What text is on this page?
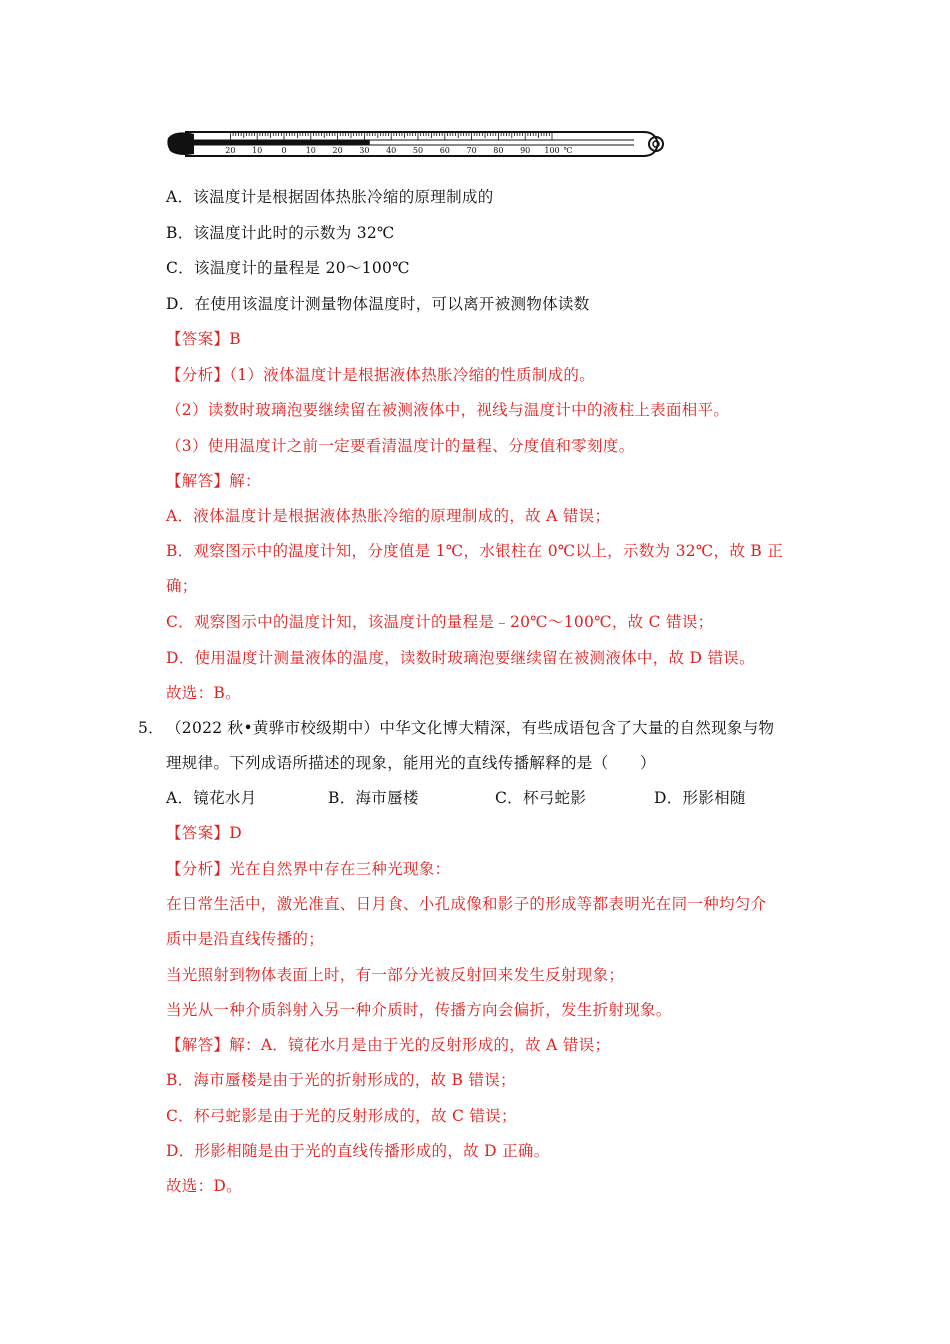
20 10 0 10 20 30 40 50 60 70 80 90 100 ℃
A．该温度计是根据固体热胀冷缩的原理制成的
B．该温度计此时的示数为 32℃
C．该温度计的量程是 20～100℃
D．在使用该温度计测量物体温度时，可以离开被测物体读数
【答案】B
【分析】（1）液体温度计是根据液体热胀冷缩的性质制成的。
（2）读数时玻璃泡要继续留在被测液体中，视线与温度计中的液柱上表面相平。
（3）使用温度计之前一定要看清温度计的量程、分度值和零刻度。
【解答】解：
A．液体温度计是根据液体热胀冷缩的原理制成的，故 A 错误；
B．观察图示中的温度计知，分度值是 1℃，水银柱在 0℃以上，示数为 32℃，故 B 正
确；
C．观察图示中的温度计知，该温度计的量程是﹣20℃～100℃，故 C 错误；
D．使用温度计测量液体的温度，读数时玻璃泡要继续留在被测液体中，故 D 错误。
故选：B。
5． （2022 秋•黄骅市校级期中）中华文化博大精深，有些成语包含了大量的自然现象与物
理规律。下列成语所描述的现象，能用光的直线传播解释的是（　　）
A．镜花水月	B．海市蜃楼	C．杯弓蛇影	D．形影相随
【答案】D
【分析】光在自然界中存在三种光现象：
在日常生活中，激光准直、日月食、小孔成像和影子的形成等都表明光在同一种均匀介
质中是沿直线传播的；
当光照射到物体表面上时，有一部分光被反射回来发生反射现象；
当光从一种介质斜射入另一种介质时，传播方向会偏折，发生折射现象。
【解答】解：A．镜花水月是由于光的反射形成的，故 A 错误；
B．海市蜃楼是由于光的折射形成的，故 B 错误；
C．杯弓蛇影是由于光的反射形成的，故 C 错误；
D．形影相随是由于光的直线传播形成的，故 D 正确。
故选：D。
